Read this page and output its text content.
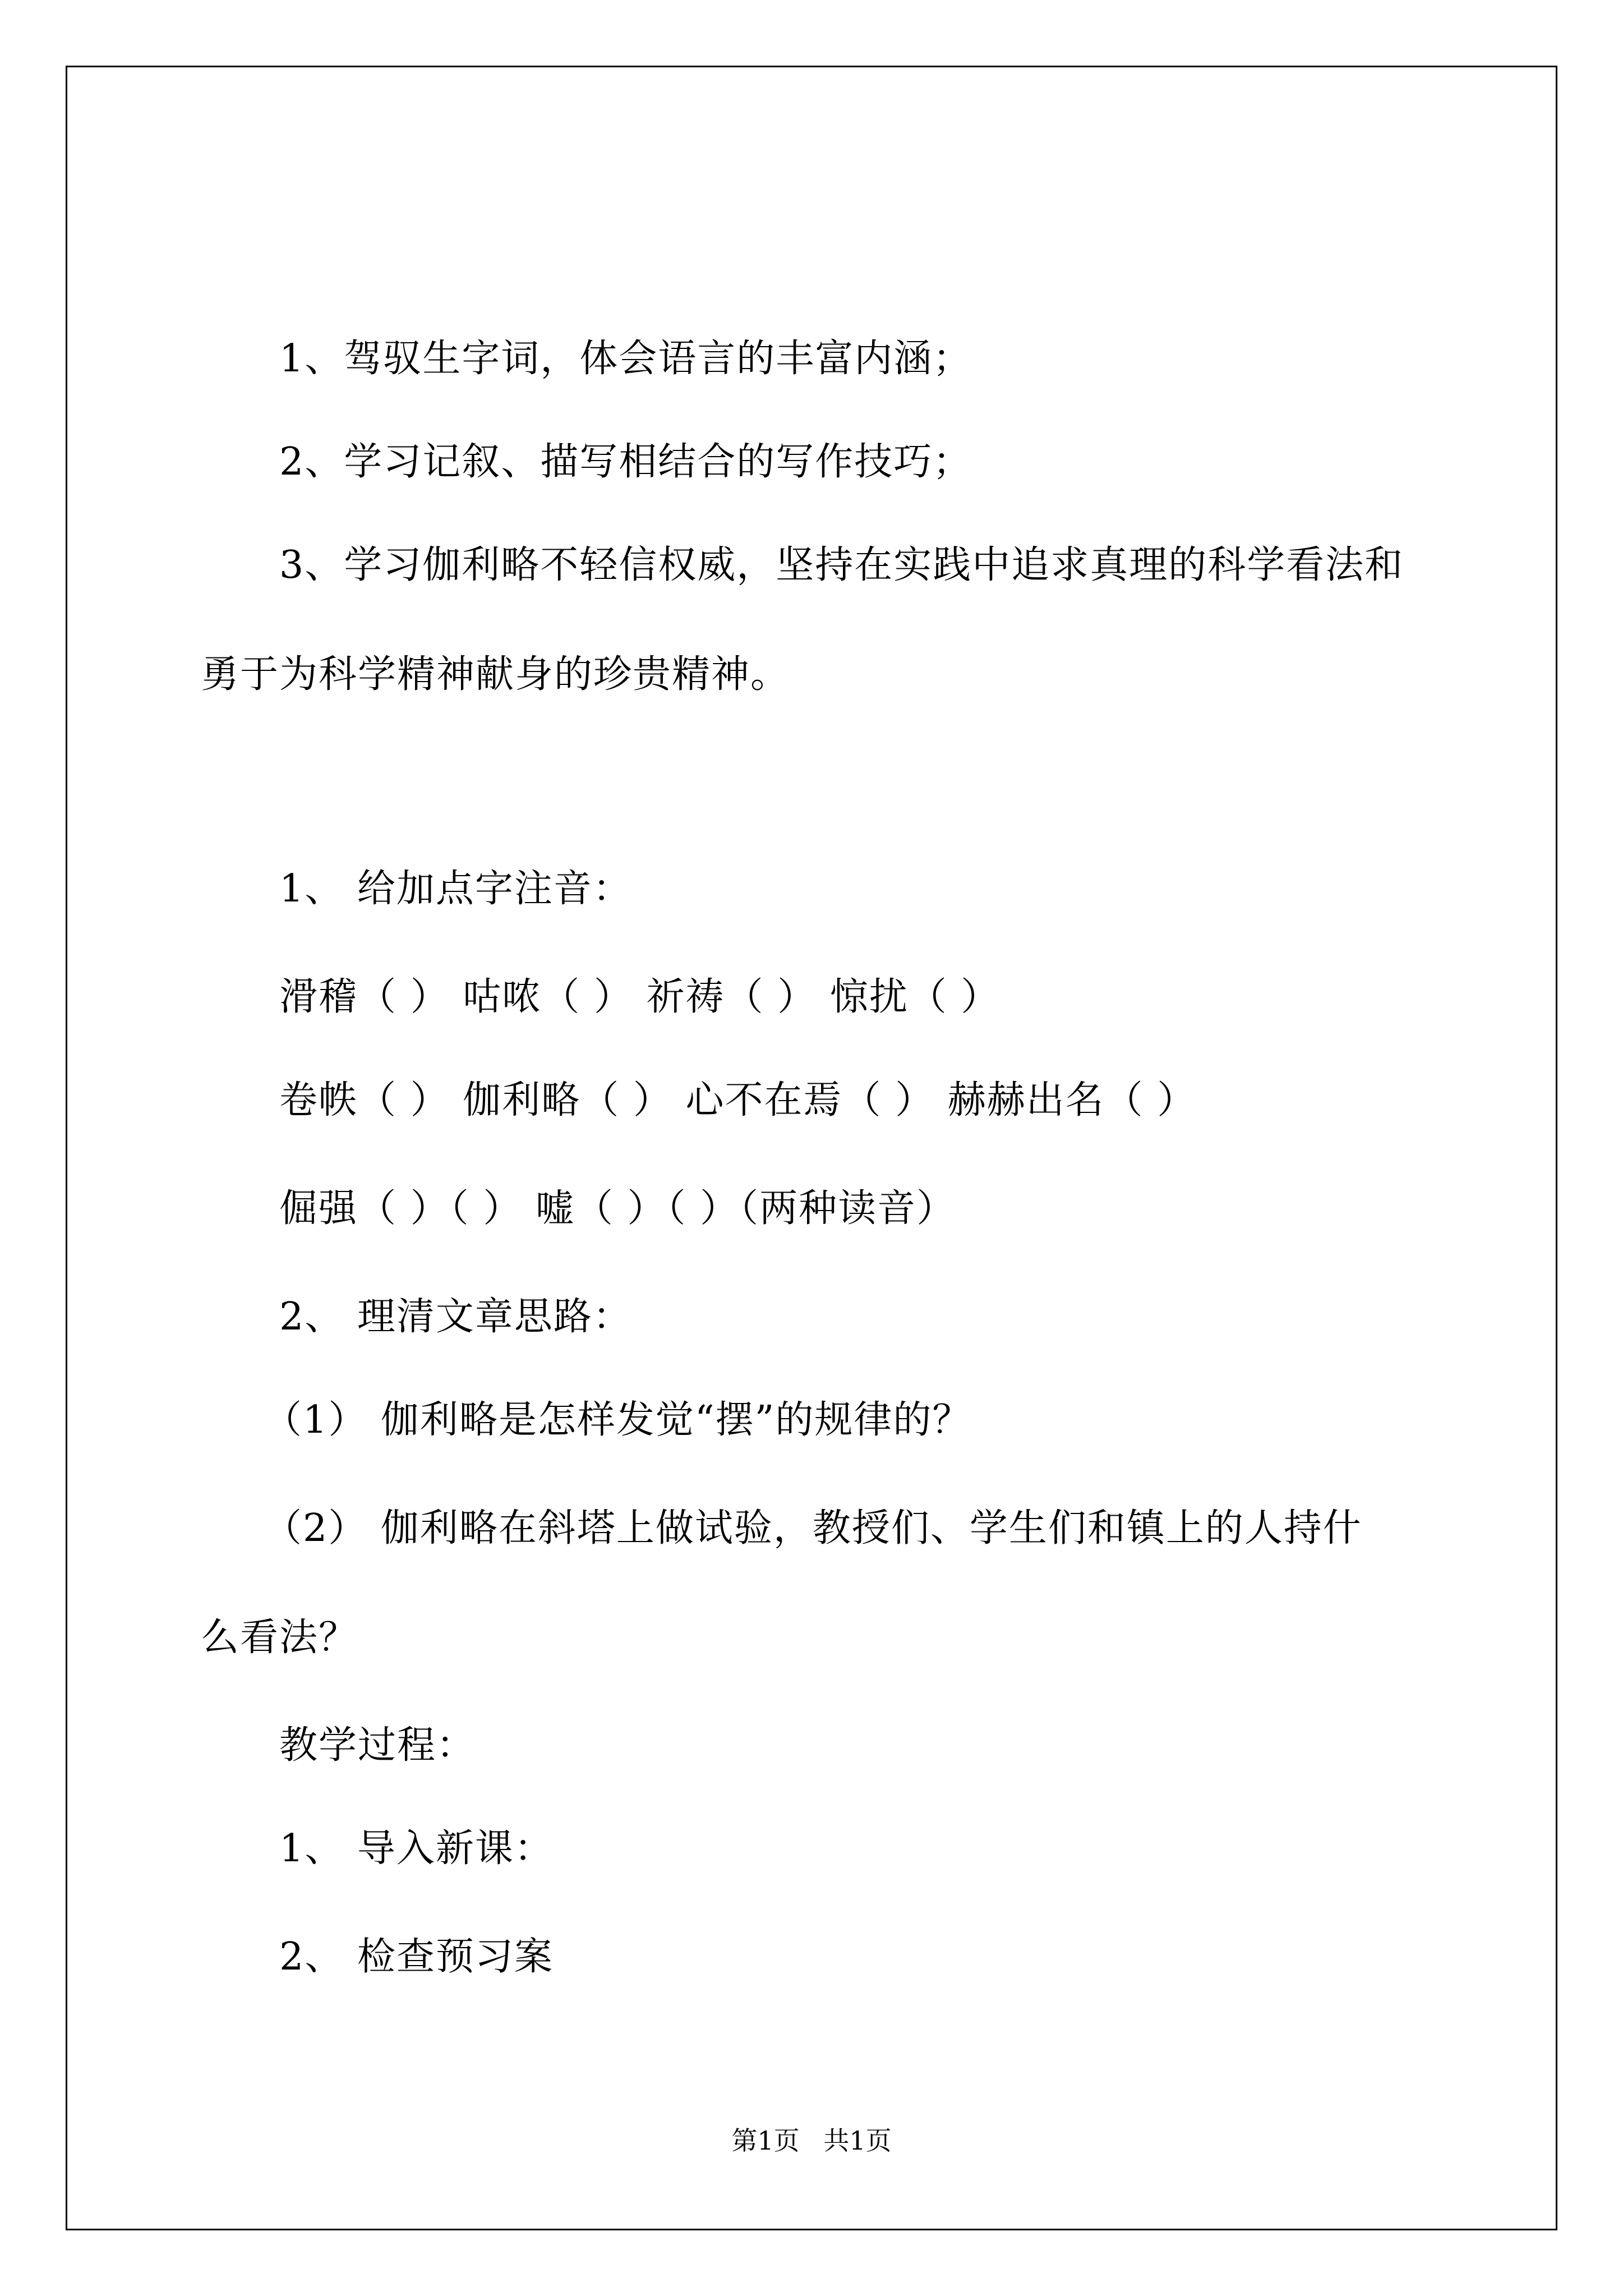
1、驾驭生字词，体会语言的丰富内涵；
2、学习记叙、描写相结合的写作技巧；
3、学习伽利略不轻信权威，坚持在实践中追求真理的科学看法和
勇于为科学精神献身的珍贵精神。
1、 给加点字注音：
滑稽（ ） 咕哝（ ） 祈祷（ ） 惊扰（ ）
卷帙（ ） 伽利略（ ） 心不在焉（ ） 赫赫出名（ ）
倔强（ ）（ ） 嘘（ ）（ ）（两种读音）
2、 理清文章思路：
（1） 伽利略是怎样发觉“摆”的规律的？
（2） 伽利略在斜塔上做试验，教授们、学生们和镇上的人持什
么看法？
教学过程：
1、 导入新课：
2、 检查预习案
第1页 共1页
